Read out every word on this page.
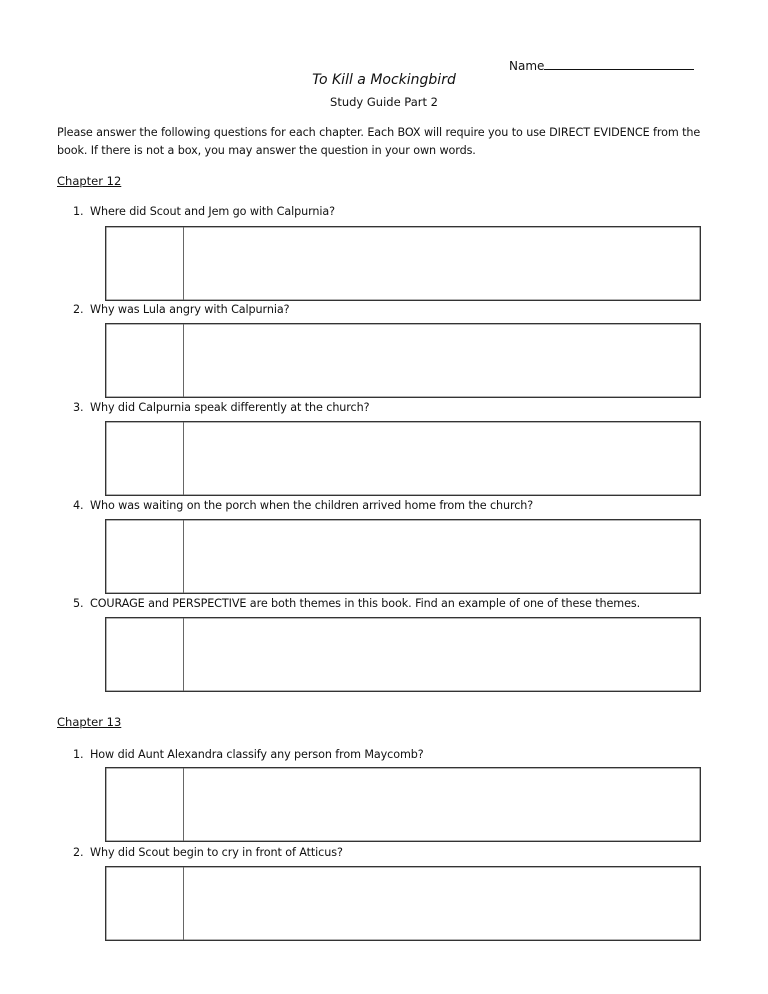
Name
To Kill a Mockingbird
Study Guide Part 2
Please answer the following questions for each chapter. Each BOX will require you to use DIRECT EVIDENCE from the book. If there is not a box, you may answer the question in your own words.
Chapter 12
Chapter 13
1. Where did Scout and Jem go with Calpurnia?
2. Why was Lula angry with Calpurnia?
3. Why did Calpurnia speak differently at the church?
4. Who was waiting on the porch when the children arrived home from the church?
5. COURAGE and PERSPECTIVE are both themes in this book. Find an example of one of these themes.
1. How did Aunt Alexandra classify any person from Maycomb?
2. Why did Scout begin to cry in front of Atticus?
